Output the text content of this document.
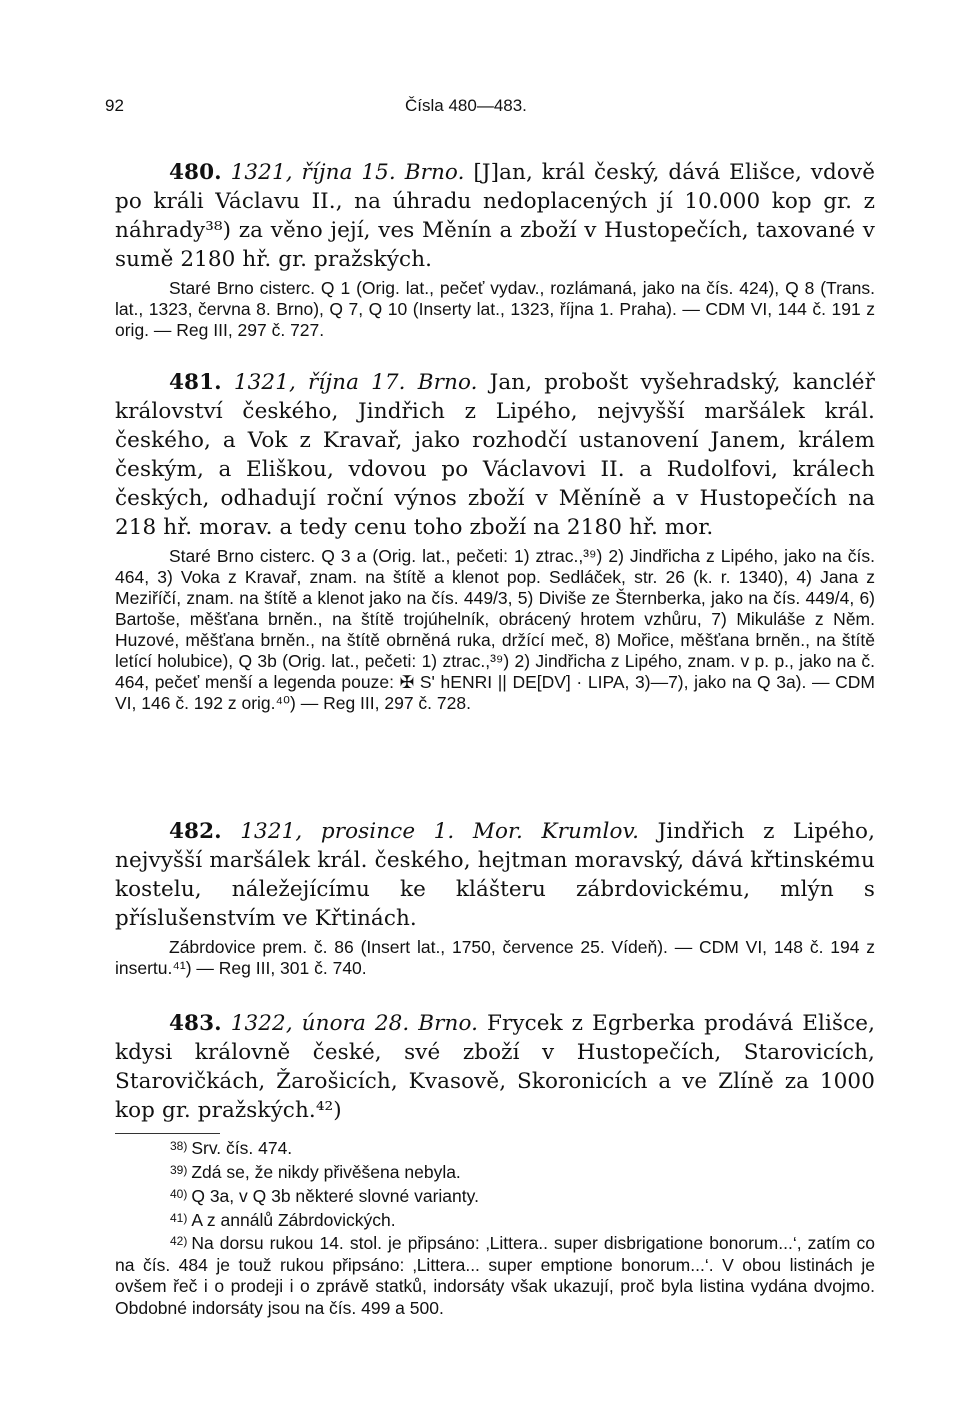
92	Čísla 480—483.

480. 1321, října 15. Brno. [J]an, král český, dává Elišce, vdově po králi Václavu II., na úhradu nedoplacených jí 10.000 kop gr. z náhrady³⁸) za věno její, ves Měnín a zboží v Hustopečích, taxované v sumě 2180 hř. gr. pražských.

Staré Brno cisterc. Q 1 (Orig. lat., pečeť vydav., rozlámaná, jako na čís. 424), Q 8 (Trans. lat., 1323, června 8. Brno), Q 7, Q 10 (Inserty lat., 1323, října 1. Praha). — CDM VI, 144 č. 191 z orig. — Reg III, 297 č. 727.

481. 1321, října 17. Brno. Jan, probošt vyšehradský, kancléř království českého, Jindřich z Lipého, nejvyšší maršálek král. českého, a Vok z Kravař, jako rozhodčí ustanovení Janem, králem českým, a Eliškou, vdovou po Václavovi II. a Rudolfovi, králech českých, odhadují roční výnos zboží v Měníně a v Hustopečích na 218 hř. morav. a tedy cenu toho zboží na 2180 hř. mor.

Staré Brno cisterc. Q 3 a (Orig. lat., pečeti: 1) ztrac.,³⁹) 2) Jindřicha z Lipého, jako na čís. 464, 3) Voka z Kravař, znam. na štítě a klenot pop. Sedláček, str. 26 (k. r. 1340), 4) Jana z Meziříčí, znam. na štítě a klenot jako na čís. 449/3, 5) Diviše ze Šternberka, jako na čís. 449/4, 6) Bartoše, měšťana brněn., na štítě trojúhelník, obrácený hrotem vzhůru, 7) Mikuláše z Něm. Huzové, měšťana brněn., na štítě obrněná ruka, držící meč, 8) Mořice, měšťana brněn., na štítě letící holubice), Q 3b (Orig. lat., pečeti: 1) ztrac.,³⁹) 2) Jindřicha z Lipého, znam. v p. p., jako na č. 464, pečeť menší a legenda pouze: ✠ S' hENRI || DE[DV] · LIPA, 3)—7), jako na Q 3a). — CDM VI, 146 č. 192 z orig.⁴⁰) — Reg III, 297 č. 728.

482. 1321, prosince 1. Mor. Krumlov. Jindřich z Lipého, nejvyšší maršálek král. českého, hejtman moravský, dává křtinskému kostelu, náležejícímu ke klášteru zábrdovickému, mlýn s příslušenstvím ve Křtinách.

Zábrdovice prem. č. 86 (Insert lat., 1750, července 25. Vídeň). — CDM VI, 148 č. 194 z insertu.⁴¹) — Reg III, 301 č. 740.

483. 1322, února 28. Brno. Frycek z Egrberka prodává Elišce, kdysi královně české, své zboží v Hustopečích, Starovicích, Starovičkách, Žarošicích, Kvasově, Skoronicích a ve Zlíně za 1000 kop gr. pražských.⁴²)

$^{38)}$ Srv. čís. 474.
$^{39)}$ Zdá se, že nikdy přivěšena nebyla.
$^{40)}$ Q 3a, v Q 3b některé slovné varianty.
$^{41)}$ A z annálů Zábrdovických.
$^{42)}$ Na dorsu rukou 14. stol. je připsáno: ‚Littera.. super disbrigatione bonorum...‘, zatím co na čís. 484 je touž rukou připsáno: ‚Littera... super emptione bonorum...‘. V obou listinách je ovšem řeč i o prodeji i o zprávě statků, indorsáty však ukazují, proč byla listina vydána dvojmo. Obdobné indorsáty jsou na čís. 499 a 500.
